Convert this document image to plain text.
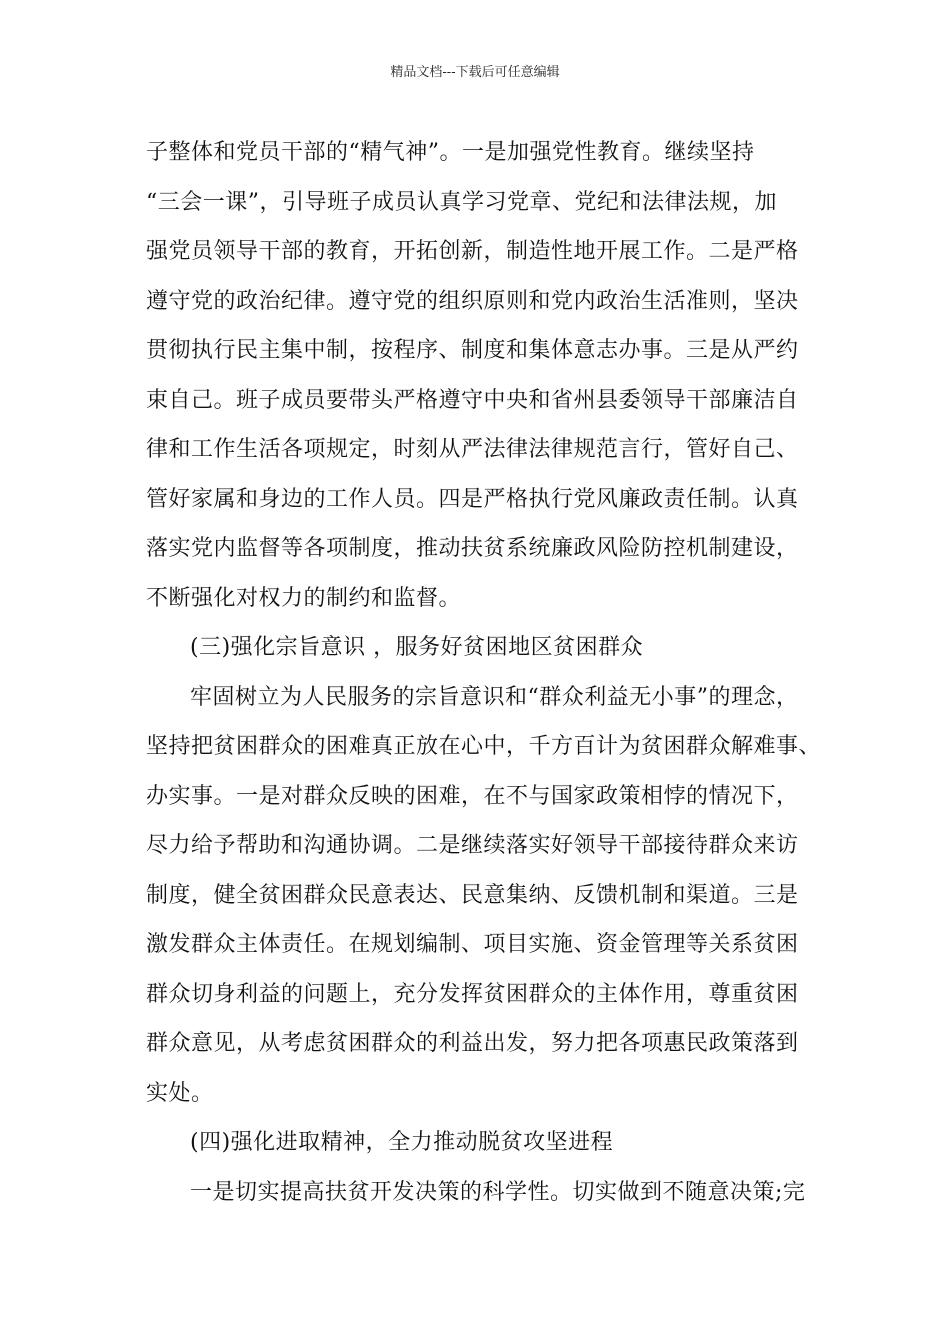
精品文档---下载后可任意编辑
子整体和党员干部的“精气神”。一是加强党性教育。继续坚持
“三会一课”，引导班子成员认真学习党章、党纪和法律法规，加
强党员领导干部的教育，开拓创新，制造性地开展工作。二是严格
遵守党的政治纪律。遵守党的组织原则和党内政治生活准则，坚决
贯彻执行民主集中制，按程序、制度和集体意志办事。三是从严约
束自己。班子成员要带头严格遵守中央和省州县委领导干部廉洁自
律和工作生活各项规定，时刻从严法律法律规范言行，管好自己、
管好家属和身边的工作人员。四是严格执行党风廉政责任制。认真
落实党内监督等各项制度，推动扶贫系统廉政风险防控机制建设，
不断强化对权力的制约和监督。
(三)强化宗旨意识 ，服务好贫困地区贫困群众
牢固树立为人民服务的宗旨意识和“群众利益无小事”的理念，
坚持把贫困群众的困难真正放在心中，千方百计为贫困群众解难事、
办实事。一是对群众反映的困难，在不与国家政策相悖的情况下，
尽力给予帮助和沟通协调。二是继续落实好领导干部接待群众来访
制度，健全贫困群众民意表达、民意集纳、反馈机制和渠道。三是
激发群众主体责任。在规划编制、项目实施、资金管理等关系贫困
群众切身利益的问题上，充分发挥贫困群众的主体作用，尊重贫困
群众意见，从考虑贫困群众的利益出发，努力把各项惠民政策落到
实处。
(四)强化进取精神，全力推动脱贫攻坚进程
一是切实提高扶贫开发决策的科学性。切实做到不随意决策;完
